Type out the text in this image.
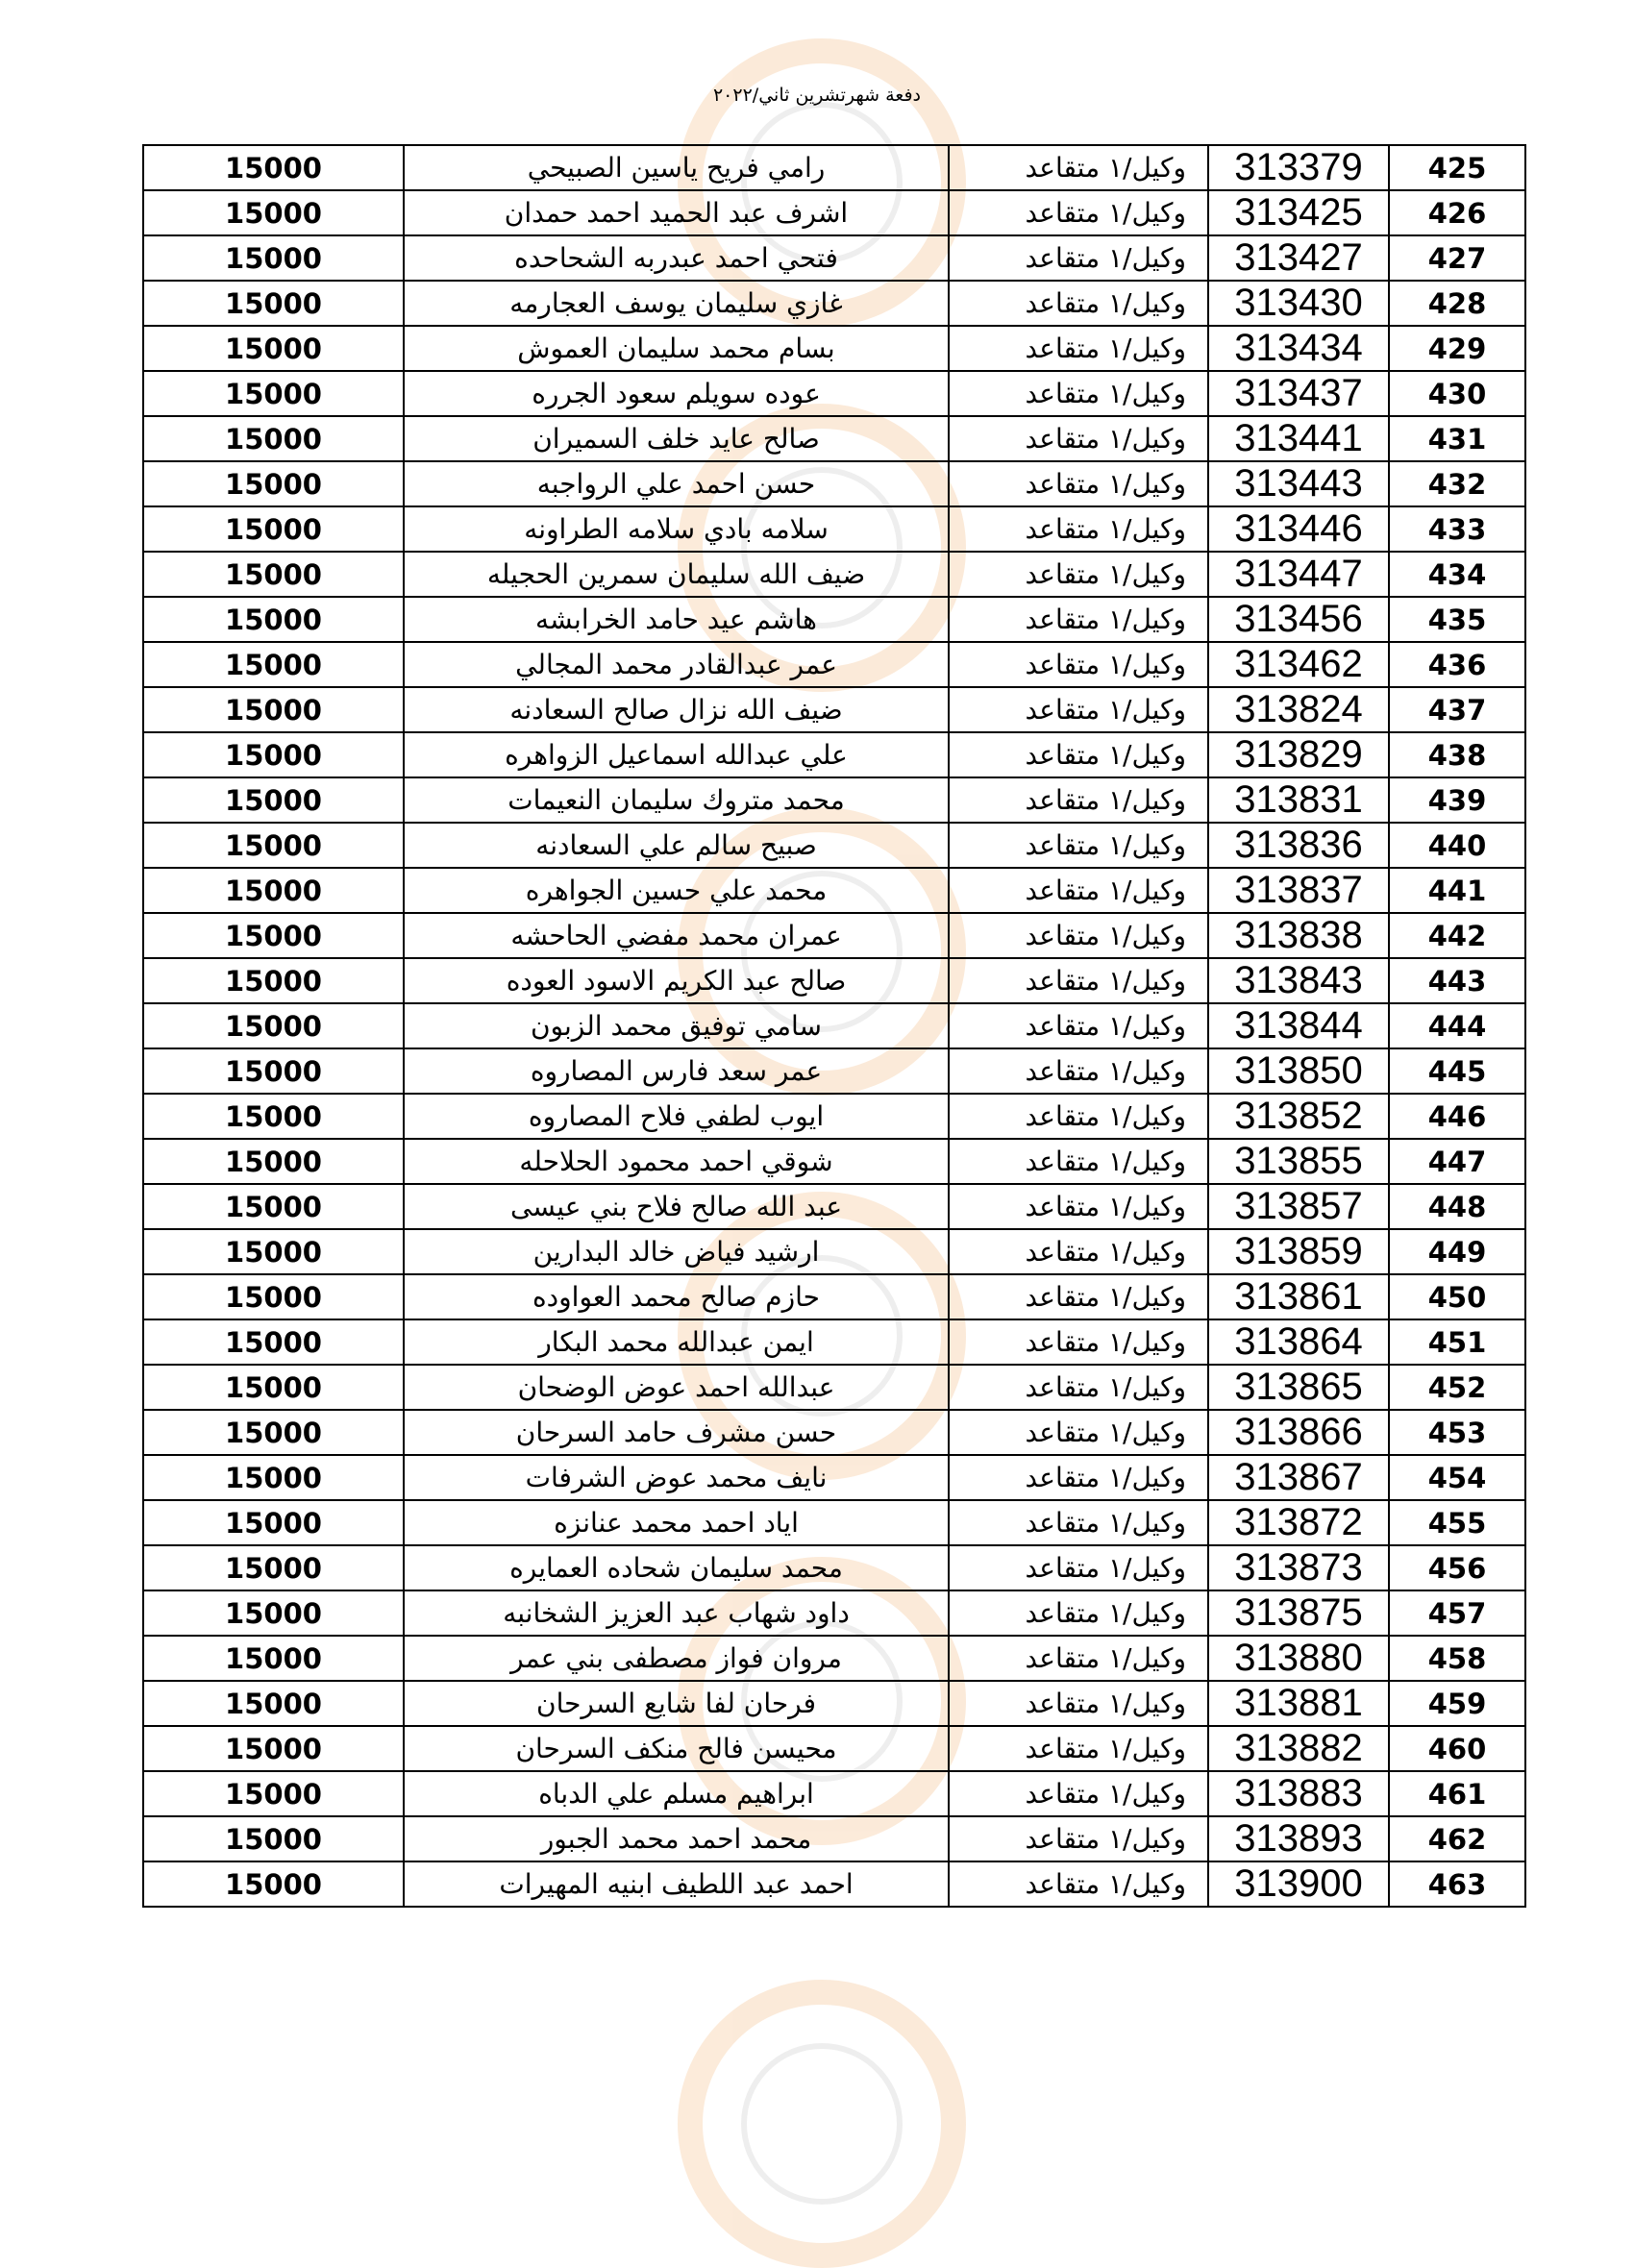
دفعة شهرتشرين ثاني/٢٠٢٢
425	313379	وكيل/١ متقاعد	رامي فريح ياسين الصبيحي	15000
426	313425	وكيل/١ متقاعد	اشرف عبد الحميد احمد حمدان	15000
427	313427	وكيل/١ متقاعد	فتحي احمد عبدربه الشحاحده	15000
428	313430	وكيل/١ متقاعد	غازي سليمان يوسف العجارمه	15000
429	313434	وكيل/١ متقاعد	بسام محمد سليمان العموش	15000
430	313437	وكيل/١ متقاعد	عوده سويلم سعود الجرره	15000
431	313441	وكيل/١ متقاعد	صالح عايد خلف السميران	15000
432	313443	وكيل/١ متقاعد	حسن احمد علي الرواجبه	15000
433	313446	وكيل/١ متقاعد	سلامه بادي سلامه الطراونه	15000
434	313447	وكيل/١ متقاعد	ضيف الله سليمان سمرين الحجيله	15000
435	313456	وكيل/١ متقاعد	هاشم عيد حامد الخرابشه	15000
436	313462	وكيل/١ متقاعد	عمر عبدالقادر محمد المجالي	15000
437	313824	وكيل/١ متقاعد	ضيف الله نزال صالح السعادنه	15000
438	313829	وكيل/١ متقاعد	علي عبدالله اسماعيل الزواهره	15000
439	313831	وكيل/١ متقاعد	محمد متروك سليمان النعيمات	15000
440	313836	وكيل/١ متقاعد	صبيح سالم علي السعادنه	15000
441	313837	وكيل/١ متقاعد	محمد علي حسين الجواهره	15000
442	313838	وكيل/١ متقاعد	عمران محمد مفضي الحاحشه	15000
443	313843	وكيل/١ متقاعد	صالح عبد الكريم الاسود العوده	15000
444	313844	وكيل/١ متقاعد	سامي توفيق محمد الزبون	15000
445	313850	وكيل/١ متقاعد	عمر سعد فارس المصاروه	15000
446	313852	وكيل/١ متقاعد	ايوب لطفي فلاح المصاروه	15000
447	313855	وكيل/١ متقاعد	شوقي احمد محمود الحلاحله	15000
448	313857	وكيل/١ متقاعد	عبد الله صالح فلاح بني عيسى	15000
449	313859	وكيل/١ متقاعد	ارشيد فياض خالد البدارين	15000
450	313861	وكيل/١ متقاعد	حازم صالح محمد العواوده	15000
451	313864	وكيل/١ متقاعد	ايمن عبدالله محمد البكار	15000
452	313865	وكيل/١ متقاعد	عبدالله احمد عوض الوضحان	15000
453	313866	وكيل/١ متقاعد	حسن مشرف حامد السرحان	15000
454	313867	وكيل/١ متقاعد	نايف محمد عوض الشرفات	15000
455	313872	وكيل/١ متقاعد	اياد احمد محمد عنانزه	15000
456	313873	وكيل/١ متقاعد	محمد سليمان شحاده العمايره	15000
457	313875	وكيل/١ متقاعد	داود شهاب عبد العزيز الشخانبه	15000
458	313880	وكيل/١ متقاعد	مروان فواز مصطفى بني عمر	15000
459	313881	وكيل/١ متقاعد	فرحان لفا شايع السرحان	15000
460	313882	وكيل/١ متقاعد	محيسن فالح منكف السرحان	15000
461	313883	وكيل/١ متقاعد	ابراهيم مسلم علي الدباه	15000
462	313893	وكيل/١ متقاعد	محمد احمد محمد الجبور	15000
463	313900	وكيل/١ متقاعد	احمد عبد اللطيف ابنيه المهيرات	15000
